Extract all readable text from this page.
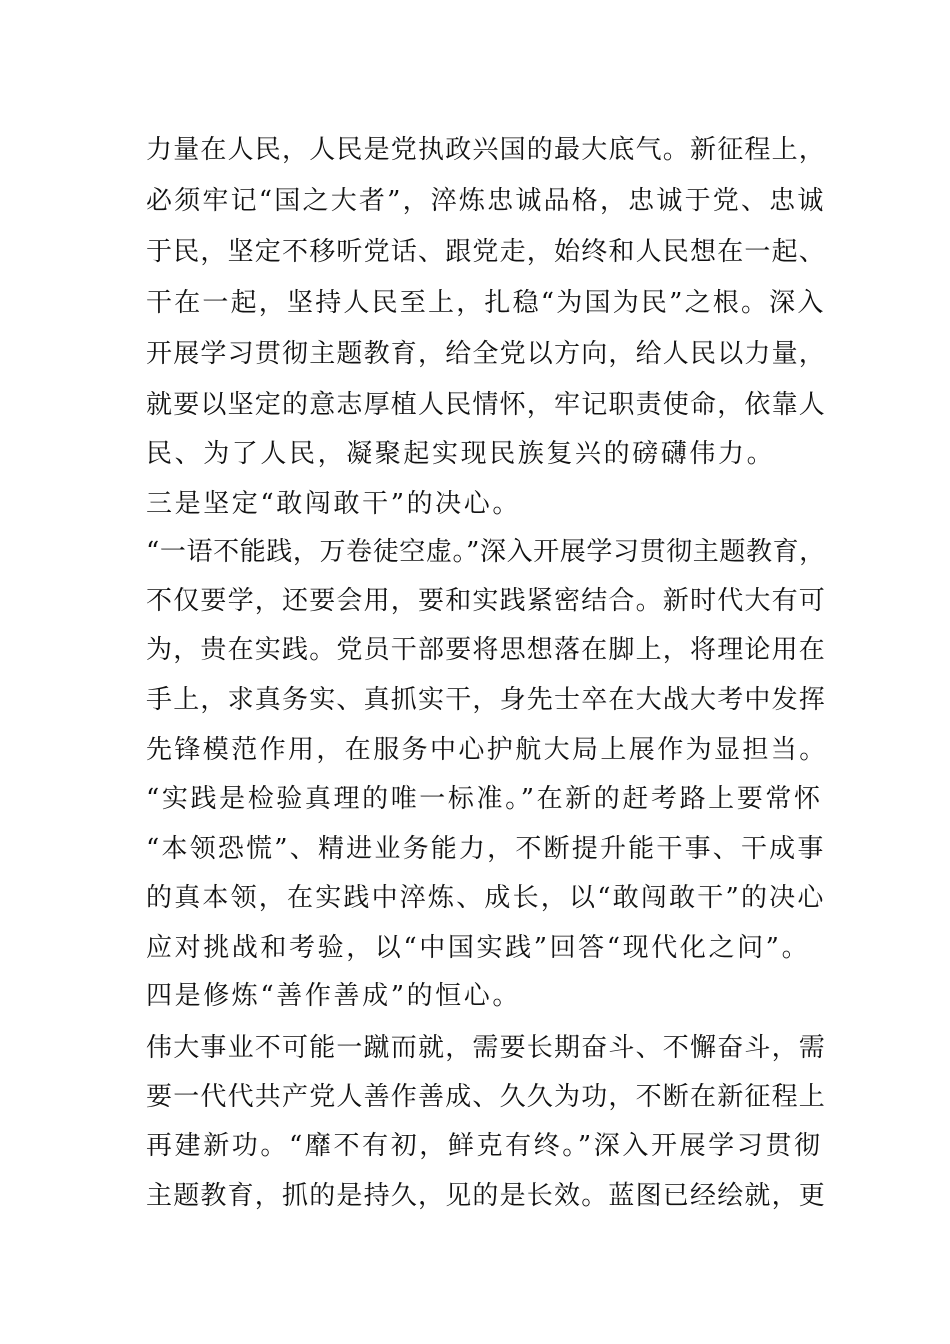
力量在人民，人民是党执政兴国的最大底气。新征程上，
必须牢记“国之大者”，淬炼忠诚品格，忠诚于党、忠诚
于民，坚定不移听党话、跟党走，始终和人民想在一起、
干在一起，坚持人民至上，扎稳“为国为民”之根。深入
开展学习贯彻主题教育，给全党以方向，给人民以力量，
就要以坚定的意志厚植人民情怀，牢记职责使命，依靠人
民、为了人民，凝聚起实现民族复兴的磅礴伟力。
三是坚定“敢闯敢干”的决心。
“一语不能践，万卷徒空虚。”深入开展学习贯彻主题教育，
不仅要学，还要会用，要和实践紧密结合。新时代大有可
为，贵在实践。党员干部要将思想落在脚上，将理论用在
手上，求真务实、真抓实干，身先士卒在大战大考中发挥
先锋模范作用，在服务中心护航大局上展作为显担当。
“实践是检验真理的唯一标准。”在新的赶考路上要常怀
“本领恐慌”、精进业务能力，不断提升能干事、干成事
的真本领，在实践中淬炼、成长，以“敢闯敢干”的决心
应对挑战和考验，以“中国实践”回答“现代化之问”。
四是修炼“善作善成”的恒心。
伟大事业不可能一蹴而就，需要长期奋斗、不懈奋斗，需
要一代代共产党人善作善成、久久为功，不断在新征程上
再建新功。“靡不有初，鲜克有终。”深入开展学习贯彻
主题教育，抓的是持久，见的是长效。蓝图已经绘就，更
